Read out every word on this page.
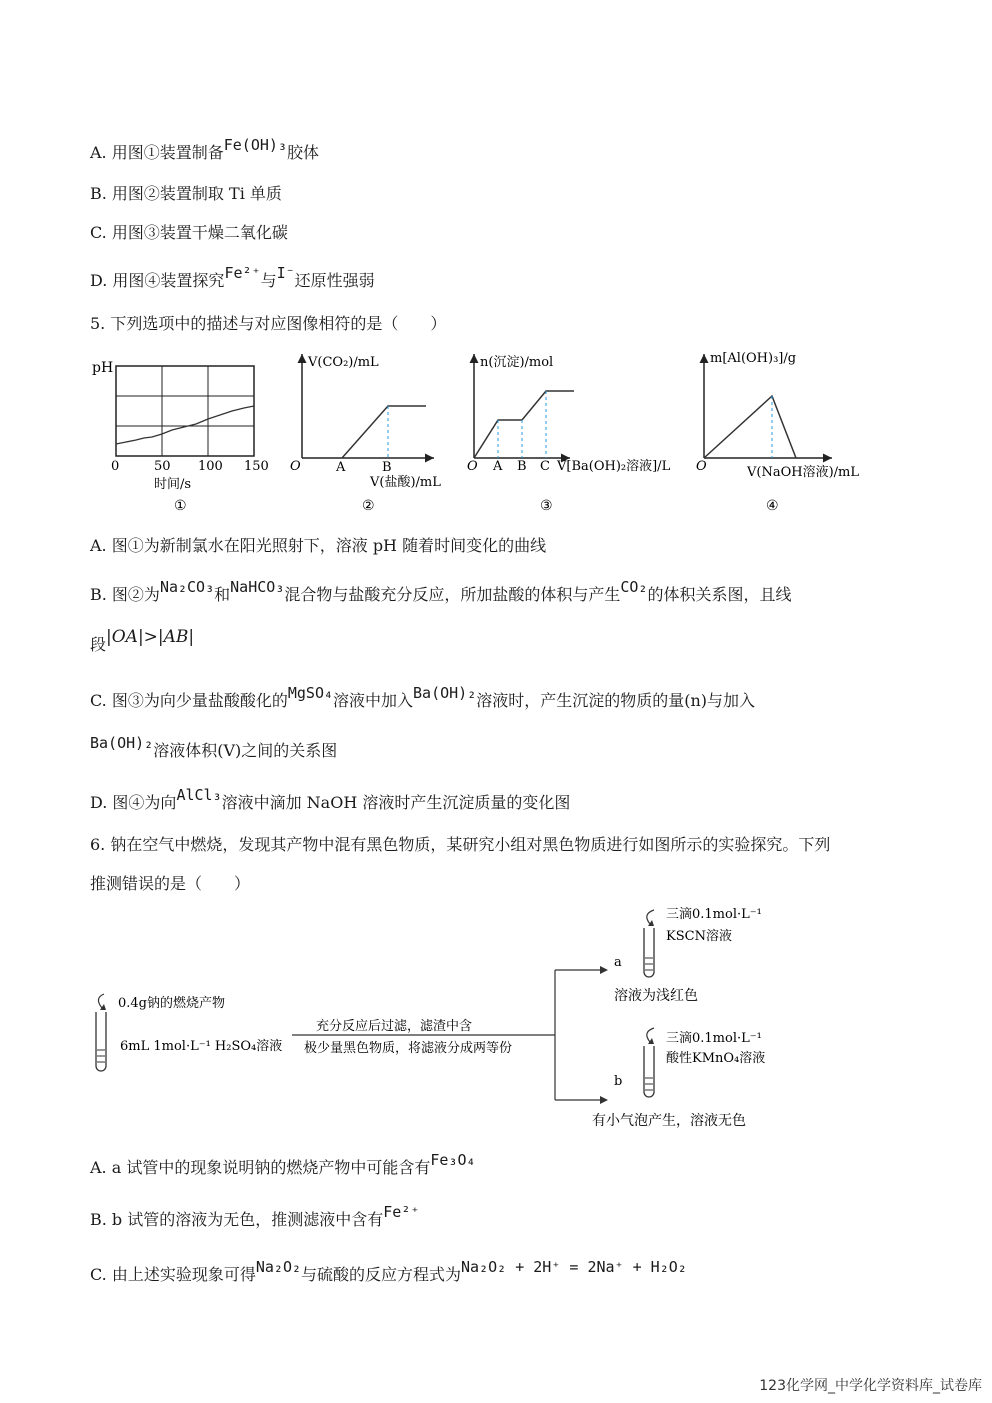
A. 用图①装置制备Fe(OH)₃胶体
B. 用图②装置制取 Ti 单质
C. 用图③装置干燥二氧化碳
D. 用图④装置探究Fe²⁺与I⁻还原性强弱
5. 下列选项中的描述与对应图像相符的是（　　）
pH
0	50 100 150
时间/s
①
V(CO₂)/mL
O	A	B
V(盐酸)/mL
②
n(沉淀)/mol
O A B C V[Ba(OH)₂溶液]/L
③
m[Al(OH)₃]/g
O	V(NaOH溶液)/mL
④
A. 图①为新制氯水在阳光照射下，溶液 pH 随着时间变化的曲线
B. 图②为Na₂CO₃和NaHCO₃混合物与盐酸充分反应，所加盐酸的体积与产生CO₂的体积关系图，且线
段|OA|>|AB|
C. 图③为向少量盐酸酸化的MgSO₄溶液中加入Ba(OH)₂溶液时，产生沉淀的物质的量(n)与加入
Ba(OH)₂溶液体积(V)之间的关系图
D. 图④为向AlCl₃溶液中滴加 NaOH 溶液时产生沉淀质量的变化图
6. 钠在空气中燃烧，发现其产物中混有黑色物质，某研究小组对黑色物质进行如图所示的实验探究。下列
推测错误的是（　　）
0.4g钠的燃烧产物
6mL 1mol·L⁻¹ H₂SO₄溶液
充分反应后过滤，滤渣中含
极少量黑色物质，将滤液分成两等份
a
三滴0.1mol·L⁻¹
KSCN溶液
溶液为浅红色
b
三滴0.1mol·L⁻¹
酸性KMnO₄溶液
有小气泡产生，溶液无色
A. a 试管中的现象说明钠的燃烧产物中可能含有Fe₃O₄
B. b 试管的溶液为无色，推测滤液中含有Fe²⁺
C. 由上述实验现象可得Na₂O₂与硫酸的反应方程式为Na₂O₂ + 2H⁺ = 2Na⁺ + H₂O₂
123化学网_中学化学资料库_试卷库
